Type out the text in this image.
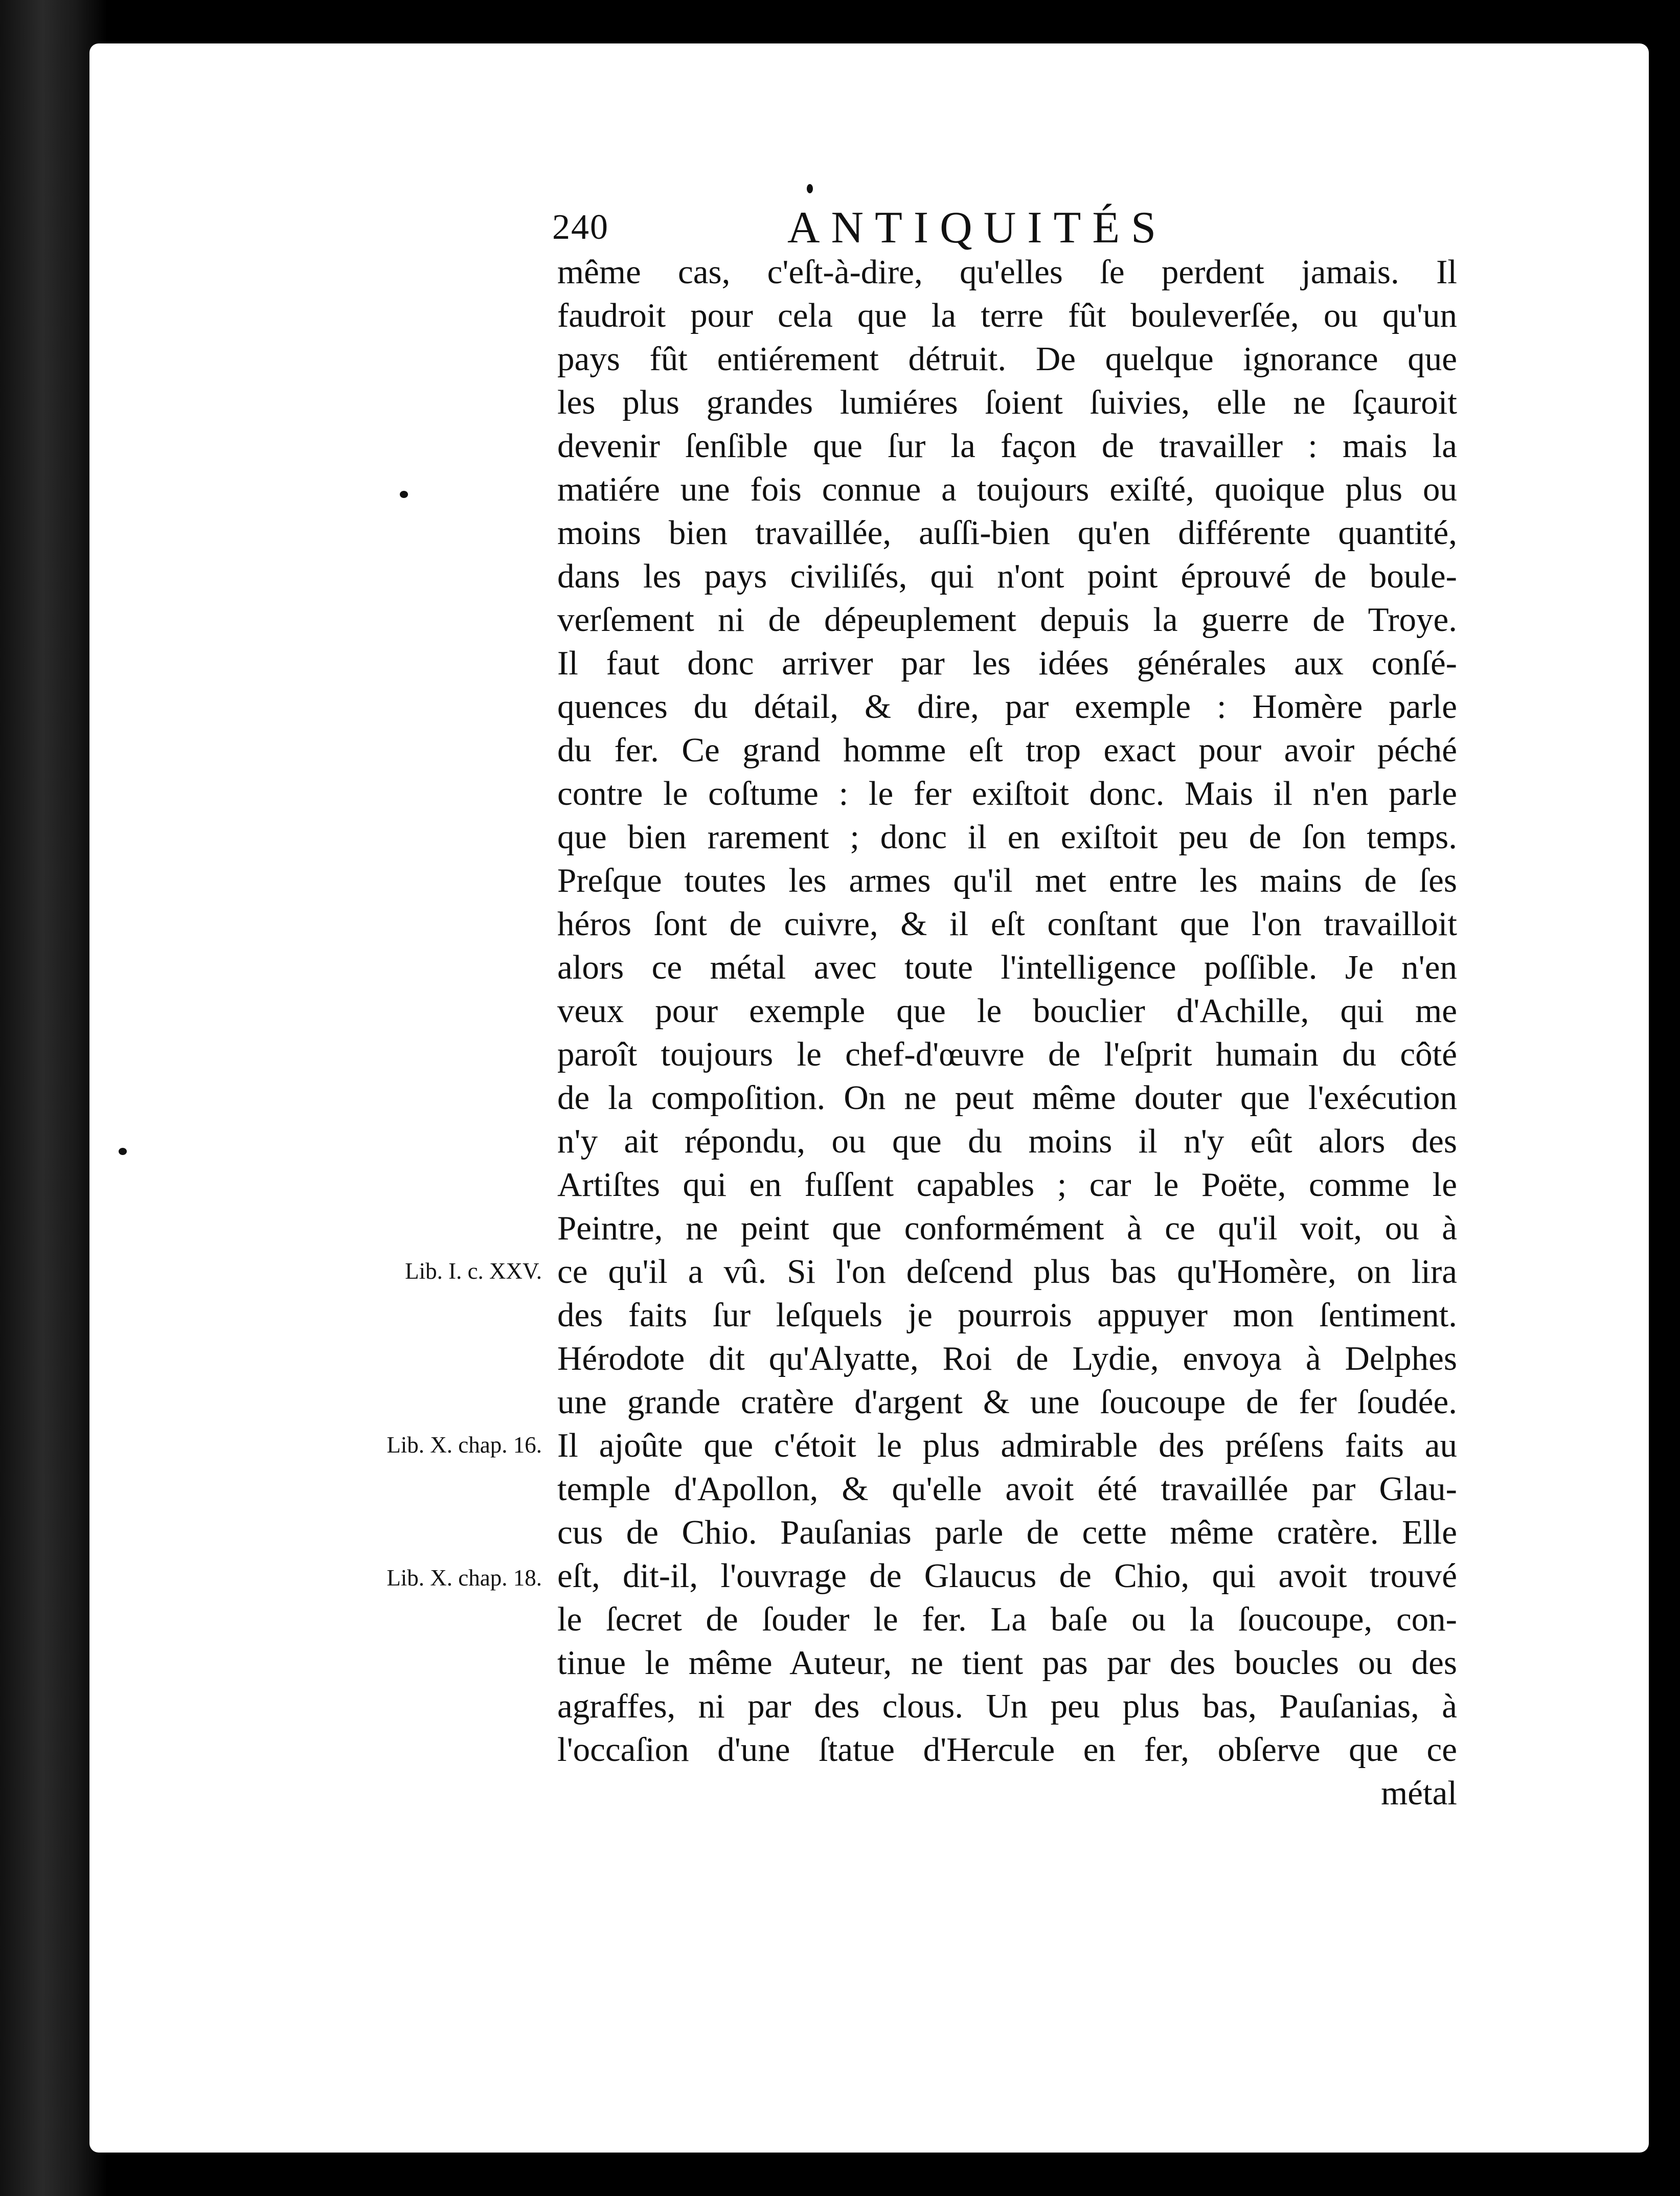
240	ANTIQUITÉS
même cas, c'eſt-à-dire, qu'elles ſe perdent jamais. Il
faudroit pour cela que la terre fût bouleverſée, ou qu'un
pays fût entiérement détruit. De quelque ignorance que
les plus grandes lumiéres ſoient ſuivies, elle ne ſçauroit
devenir ſenſible que ſur la façon de travailler : mais la
matiére une fois connue a toujours exiſté, quoique plus ou
moins bien travaillée, auſſi-bien qu'en différente quantité,
dans les pays civiliſés, qui n'ont point éprouvé de boule-
verſement ni de dépeuplement depuis la guerre de Troye.
Il faut donc arriver par les idées générales aux conſé-
quences du détail, & dire, par exemple : Homère parle
du fer. Ce grand homme eſt trop exact pour avoir péché
contre le coſtume : le fer exiſtoit donc. Mais il n'en parle
que bien rarement ; donc il en exiſtoit peu de ſon temps.
Preſque toutes les armes qu'il met entre les mains de ſes
héros ſont de cuivre, & il eſt conſtant que l'on travailloit
alors ce métal avec toute l'intelligence poſſible. Je n'en
veux pour exemple que le bouclier d'Achille, qui me
paroît toujours le chef-d'œuvre de l'eſprit humain du côté
de la compoſition. On ne peut même douter que l'exécution
n'y ait répondu, ou que du moins il n'y eût alors des
Artiſtes qui en fuſſent capables ; car le Poëte, comme le
Peintre, ne peint que conformément à ce qu'il voit, ou à
ce qu'il a vû. Si l'on deſcend plus bas qu'Homère, on lira
des faits ſur leſquels je pourrois appuyer mon ſentiment.
Hérodote dit qu'Alyatte, Roi de Lydie, envoya à Delphes
une grande cratère d'argent & une ſoucoupe de fer ſoudée.
Il ajoûte que c'étoit le plus admirable des préſens faits au
temple d'Apollon, & qu'elle avoit été travaillée par Glau-
cus de Chio. Pauſanias parle de cette même cratère. Elle
eſt, dit-il, l'ouvrage de Glaucus de Chio, qui avoit trouvé
le ſecret de ſouder le fer. La baſe ou la ſoucoupe, con-
tinue le même Auteur, ne tient pas par des boucles ou des
agraffes, ni par des clous. Un peu plus bas, Pauſanias, à
l'occaſion d'une ſtatue d'Hercule en fer, obſerve que ce
métal
Lib. I. c. XXV.
Lib. X. chap. 16.
Lib. X. chap. 18.
